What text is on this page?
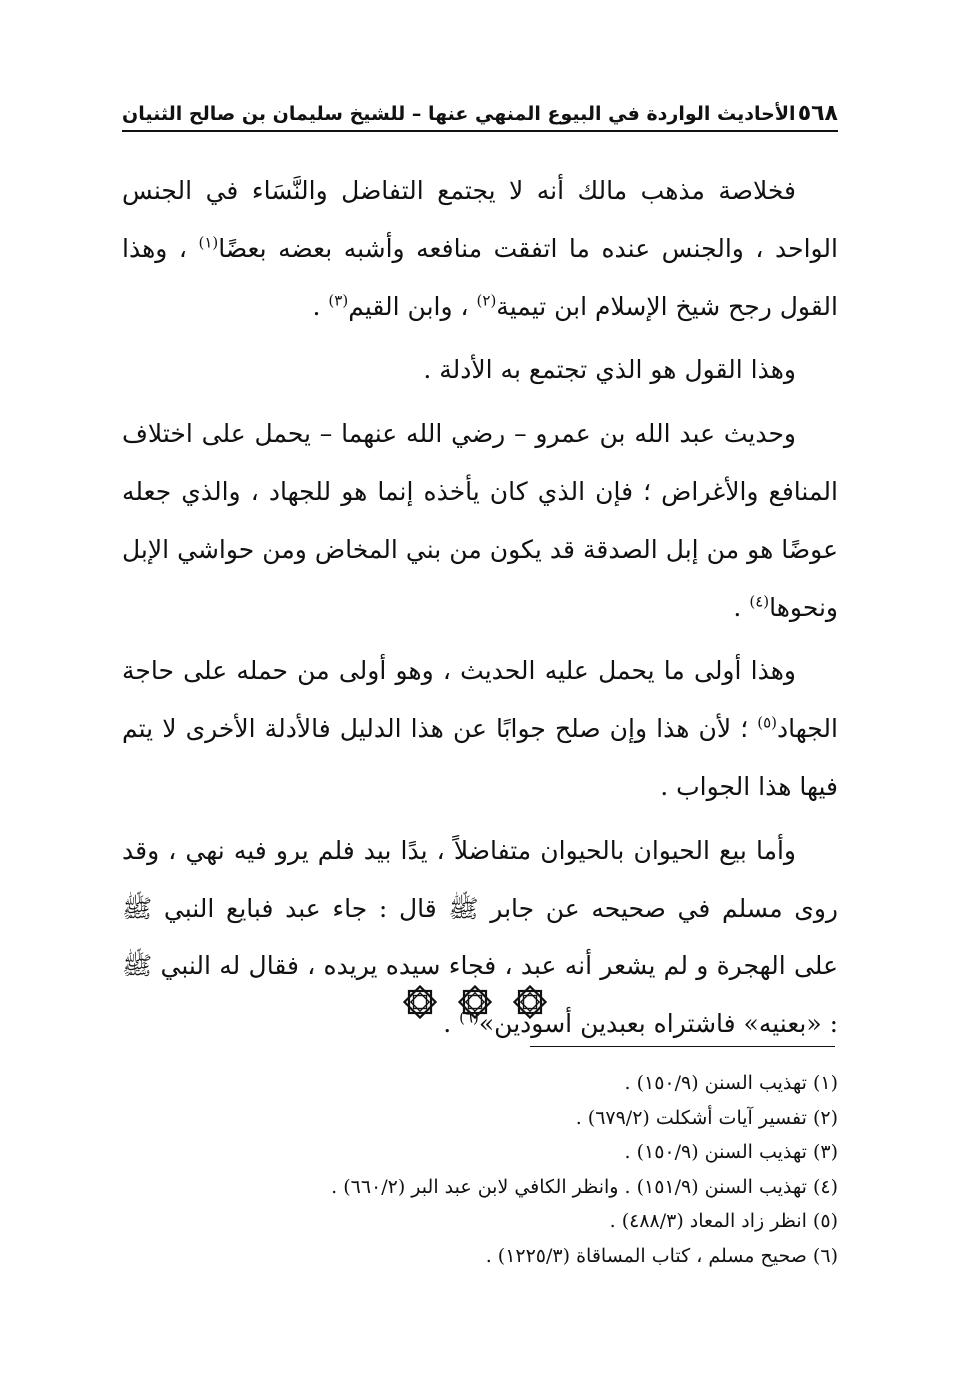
٥٦٨
الأحاديث الواردة في البيوع المنهي عنها – للشيخ سليمان بن صالح الثنيان

فخلاصة مذهب مالك أنه لا يجتمع التفاضل والنَّسَاء في الجنس الواحد ، والجنس عنده ما اتفقت منافعه وأشبه بعضه بعضًا$^{(١)}$ ، وهذا القول رجح شيخ الإسلام ابن تيمية$^{(٢)}$ ، وابن القيم$^{(٣)}$ .

وهذا القول هو الذي تجتمع به الأدلة .

وحديث عبد الله بن عمرو – رضي الله عنهما – يحمل على اختلاف المنافع والأغراض ؛ فإن الذي كان يأخذه إنما هو للجهاد ، والذي جعله عوضًا هو من إبل الصدقة قد يكون من بني المخاض ومن حواشي الإبل ونحوها$^{(٤)}$ .

وهذا أولى ما يحمل عليه الحديث ، وهو أولى من حمله على حاجة الجهاد$^{(٥)}$ ؛ لأن هذا وإن صلح جوابًا عن هذا الدليل فالأدلة الأخرى لا يتم فيها هذا الجواب .

وأما بيع الحيوان بالحيوان متفاضلاً ، يدًا بيد فلم يرو فيه نهي ، وقد روى مسلم في صحيحه عن جابر ﷺ قال : جاء عبد فبايع النبي ﷺ على الهجرة و لم يشعر أنه عبد ، فجاء سيده يريده ، فقال له النبي ﷺ : «بعنيه» فاشتراه بعبدين أسودين»$^{(٦)}$ .

(١) تهذيب السنن (١٥٠/٩) .
(٢) تفسير آيات أشكلت (٦٧٩/٢) .
(٣) تهذيب السنن (١٥٠/٩) .
(٤) تهذيب السنن (١٥١/٩) . وانظر الكافي لابن عبد البر (٦٦٠/٢) .
(٥) انظر زاد المعاد (٤٨٨/٣) .
(٦) صحيح مسلم ، كتاب المساقاة (١٢٢٥/٣) .
